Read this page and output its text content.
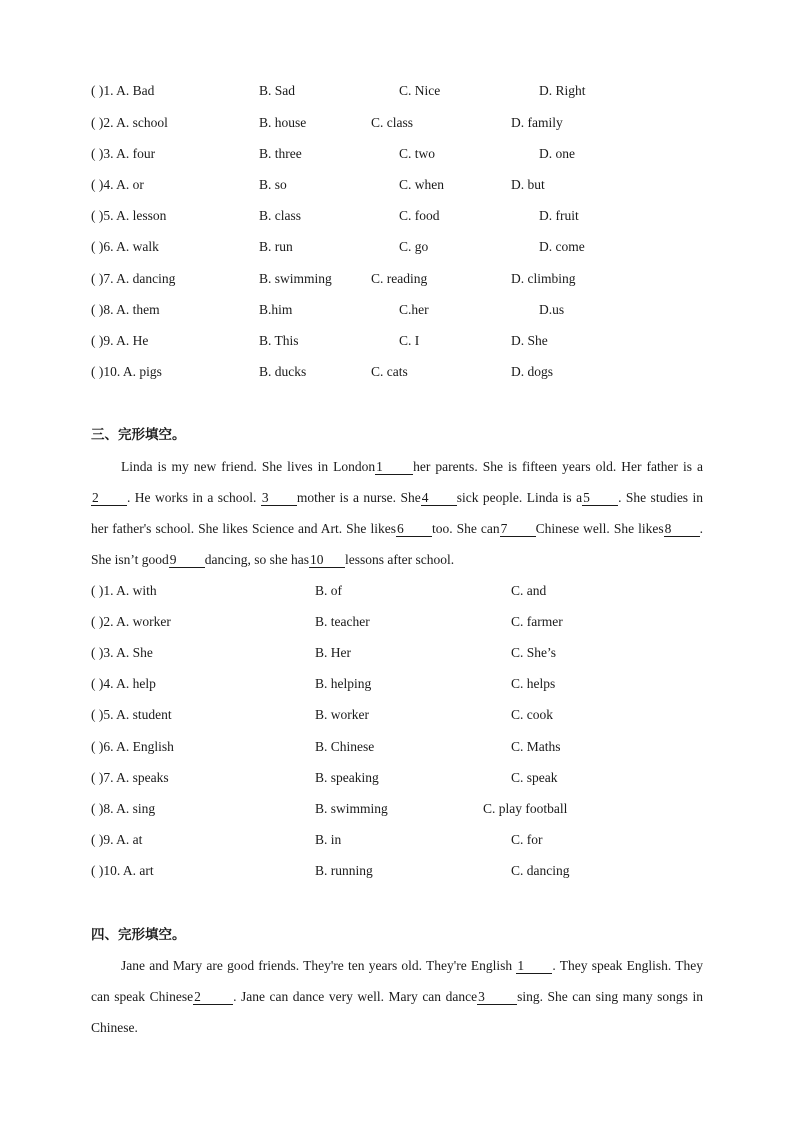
( )1. A. Bad	B. Sad	C. Nice	D. Right
( )2. A. school	B. house	C. class	D. family
( )3. A. four	B. three	C. two	D. one
( )4. A. or	B. so	C. when	D. but
( )5. A. lesson	B. class	C. food	D. fruit
( )6. A. walk	B. run	C. go	D. come
( )7. A. dancing	B. swimming	C. reading	D. climbing
( )8. A. them	B.him	C.her	D.us
( )9. A. He	B. This	C. I	D. She
( )10. A. pigs	B. ducks	C. cats	D. dogs
三、完形填空。
Linda is my new friend. She lives in London1 her parents. She is fifteen years old. Her father is a 2 . He works in a school. 3 mother is a nurse. She4 sick people. Linda is a5 . She studies in her father's school. She likes Science and Art. She likes6 too. She can7 Chinese well. She likes8 . She isn’t good9 dancing, so she has10 lessons after school.
( )1. A. with	B. of	C. and
( )2. A. worker	B. teacher	C. farmer
( )3. A. She	B. Her	C. She’s
( )4. A. help	B. helping	C. helps
( )5. A. student	B. worker	C. cook
( )6. A. English	B. Chinese	C. Maths
( )7. A. speaks	B. speaking	C. speak
( )8. A. sing	B. swimming	C. play football
( )9. A. at	B. in	C. for
( )10. A. art	B. running	C. dancing
四、完形填空。
Jane and Mary are good friends. They're ten years old. They're English 1 . They speak English. They can speak Chinese2 . Jane can dance very well. Mary can dance3 sing. She can sing many songs in Chinese.
